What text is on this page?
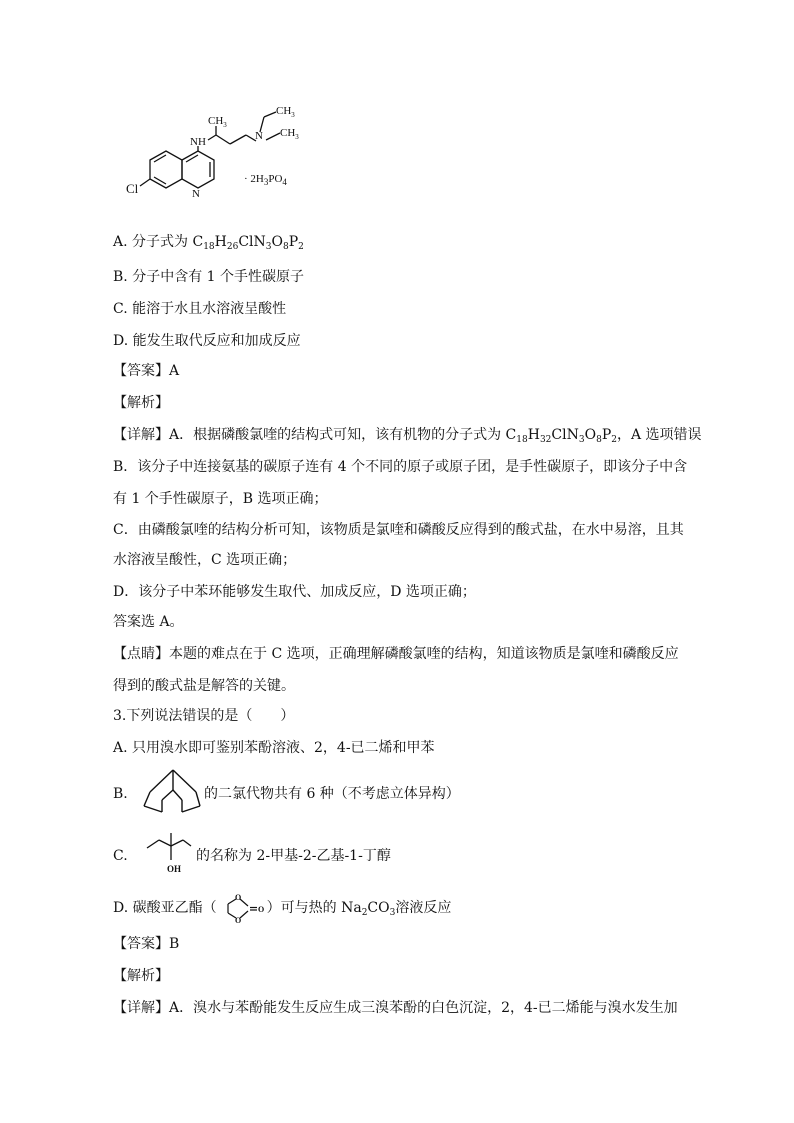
Cl	N
NH
$CH_3$
N
$CH_3$
$CH_3$
· $2H_3PO_4$
A. 分子式为 $C_{18}H_{26}ClN_3O_8P_2$
B. 分子中含有 1 个手性碳原子
C. 能溶于水且水溶液呈酸性
D. 能发生取代反应和加成反应
【答案】A
【解析】
【详解】A．根据磷酸氯喹的结构式可知，该有机物的分子式为 $C_{18}H_{32}ClN_3O_8P_2$，A 选项错误
B．该分子中连接氨基的碳原子连有 4 个不同的原子或原子团，是手性碳原子，即该分子中含
有 1 个手性碳原子，B 选项正确；
C．由磷酸氯喹的结构分析可知，该物质是氯喹和磷酸反应得到的酸式盐，在水中易溶，且其
水溶液呈酸性，C 选项正确；
D．该分子中苯环能够发生取代、加成反应，D 选项正确；
答案选 A。
【点睛】本题的难点在于 C 选项，正确理解磷酸氯喹的结构，知道该物质是氯喹和磷酸反应
得到的酸式盐是解答的关键。
3.下列说法错误的是（　　）
A. 只用溴水即可鉴别苯酚溶液、2，4-已二烯和甲苯
B.	的二氯代物共有 6 种（不考虑立体异构）
C.
OH
的名称为 2-甲基-2-乙基-1-丁醇
D. 碳酸亚乙酯（	）可与热的 $Na_2CO_3$溶液反应
O
O
O
【答案】B
【解析】
【详解】A．溴水与苯酚能发生反应生成三溴苯酚的白色沉淀，2，4-已二烯能与溴水发生加
